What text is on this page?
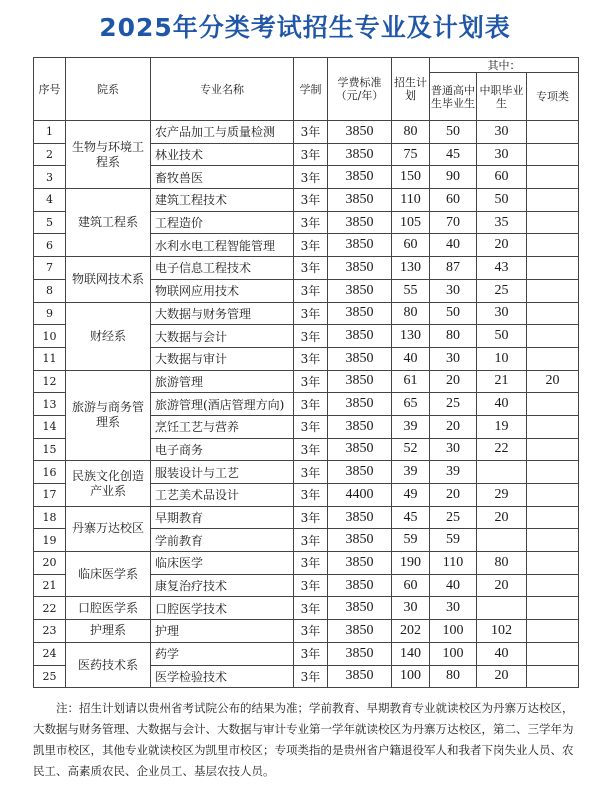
2025年分类考试招生专业及计划表
序号	院系	专业名称	学制	学费标准（元/年）	招生计划	其中：		
						普通高中生毕业生	中职毕业生	专项类
1	生物与环境工程系	农产品加工与质量检测	3年	3850	80	50	30	
2		林业技术	3年	3850	75	45	30	
3		畜牧兽医	3年	3850	150	90	60	
4	建筑工程系	建筑工程技术	3年	3850	110	60	50	
5		工程造价	3年	3850	105	70	35	
6		水利水电工程智能管理	3年	3850	60	40	20	
7	物联网技术系	电子信息工程技术	3年	3850	130	87	43	
8		物联网应用技术	3年	3850	55	30	25	
9	财经系	大数据与财务管理	3年	3850	80	50	30	
10		大数据与会计	3年	3850	130	80	50	
11		大数据与审计	3年	3850	40	30	10	
12	旅游与商务管理系	旅游管理	3年	3850	61	20	21	20
13		旅游管理(酒店管理方向)	3年	3850	65	25	40	
14		烹饪工艺与营养	3年	3850	39	20	19	
15		电子商务	3年	3850	52	30	22	
16	民族文化创造产业系	服装设计与工艺	3年	3850	39	39		
17		工艺美术品设计	3年	4400	49	20	29	
18	丹寨万达校区	早期教育	3年	3850	45	25	20	
19		学前教育	3年	3850	59	59		
20	临床医学系	临床医学	3年	3850	190	110	80	
21		康复治疗技术	3年	3850	60	40	20	
22	口腔医学系	口腔医学技术	3年	3850	30	30		
23	护理系	护理	3年	3850	202	100	102	
24	医药技术系	药学	3年	3850	140	100	40	
25		医学检验技术	3年	3850	100	80	20	
注：招生计划请以贵州省考试院公布的结果为准；学前教育、早期教育专业就读校区为丹寨万达校区，大数据与财务管理、大数据与会计、大数据与审计专业第一学年就读校区为丹寨万达校区，第二、三学年为凯里市校区，其他专业就读校区为凯里市校区；专项类指的是贵州省户籍退役军人和我者下岗失业人员、农民工、高素质农民、企业员工、基层农技人员。
